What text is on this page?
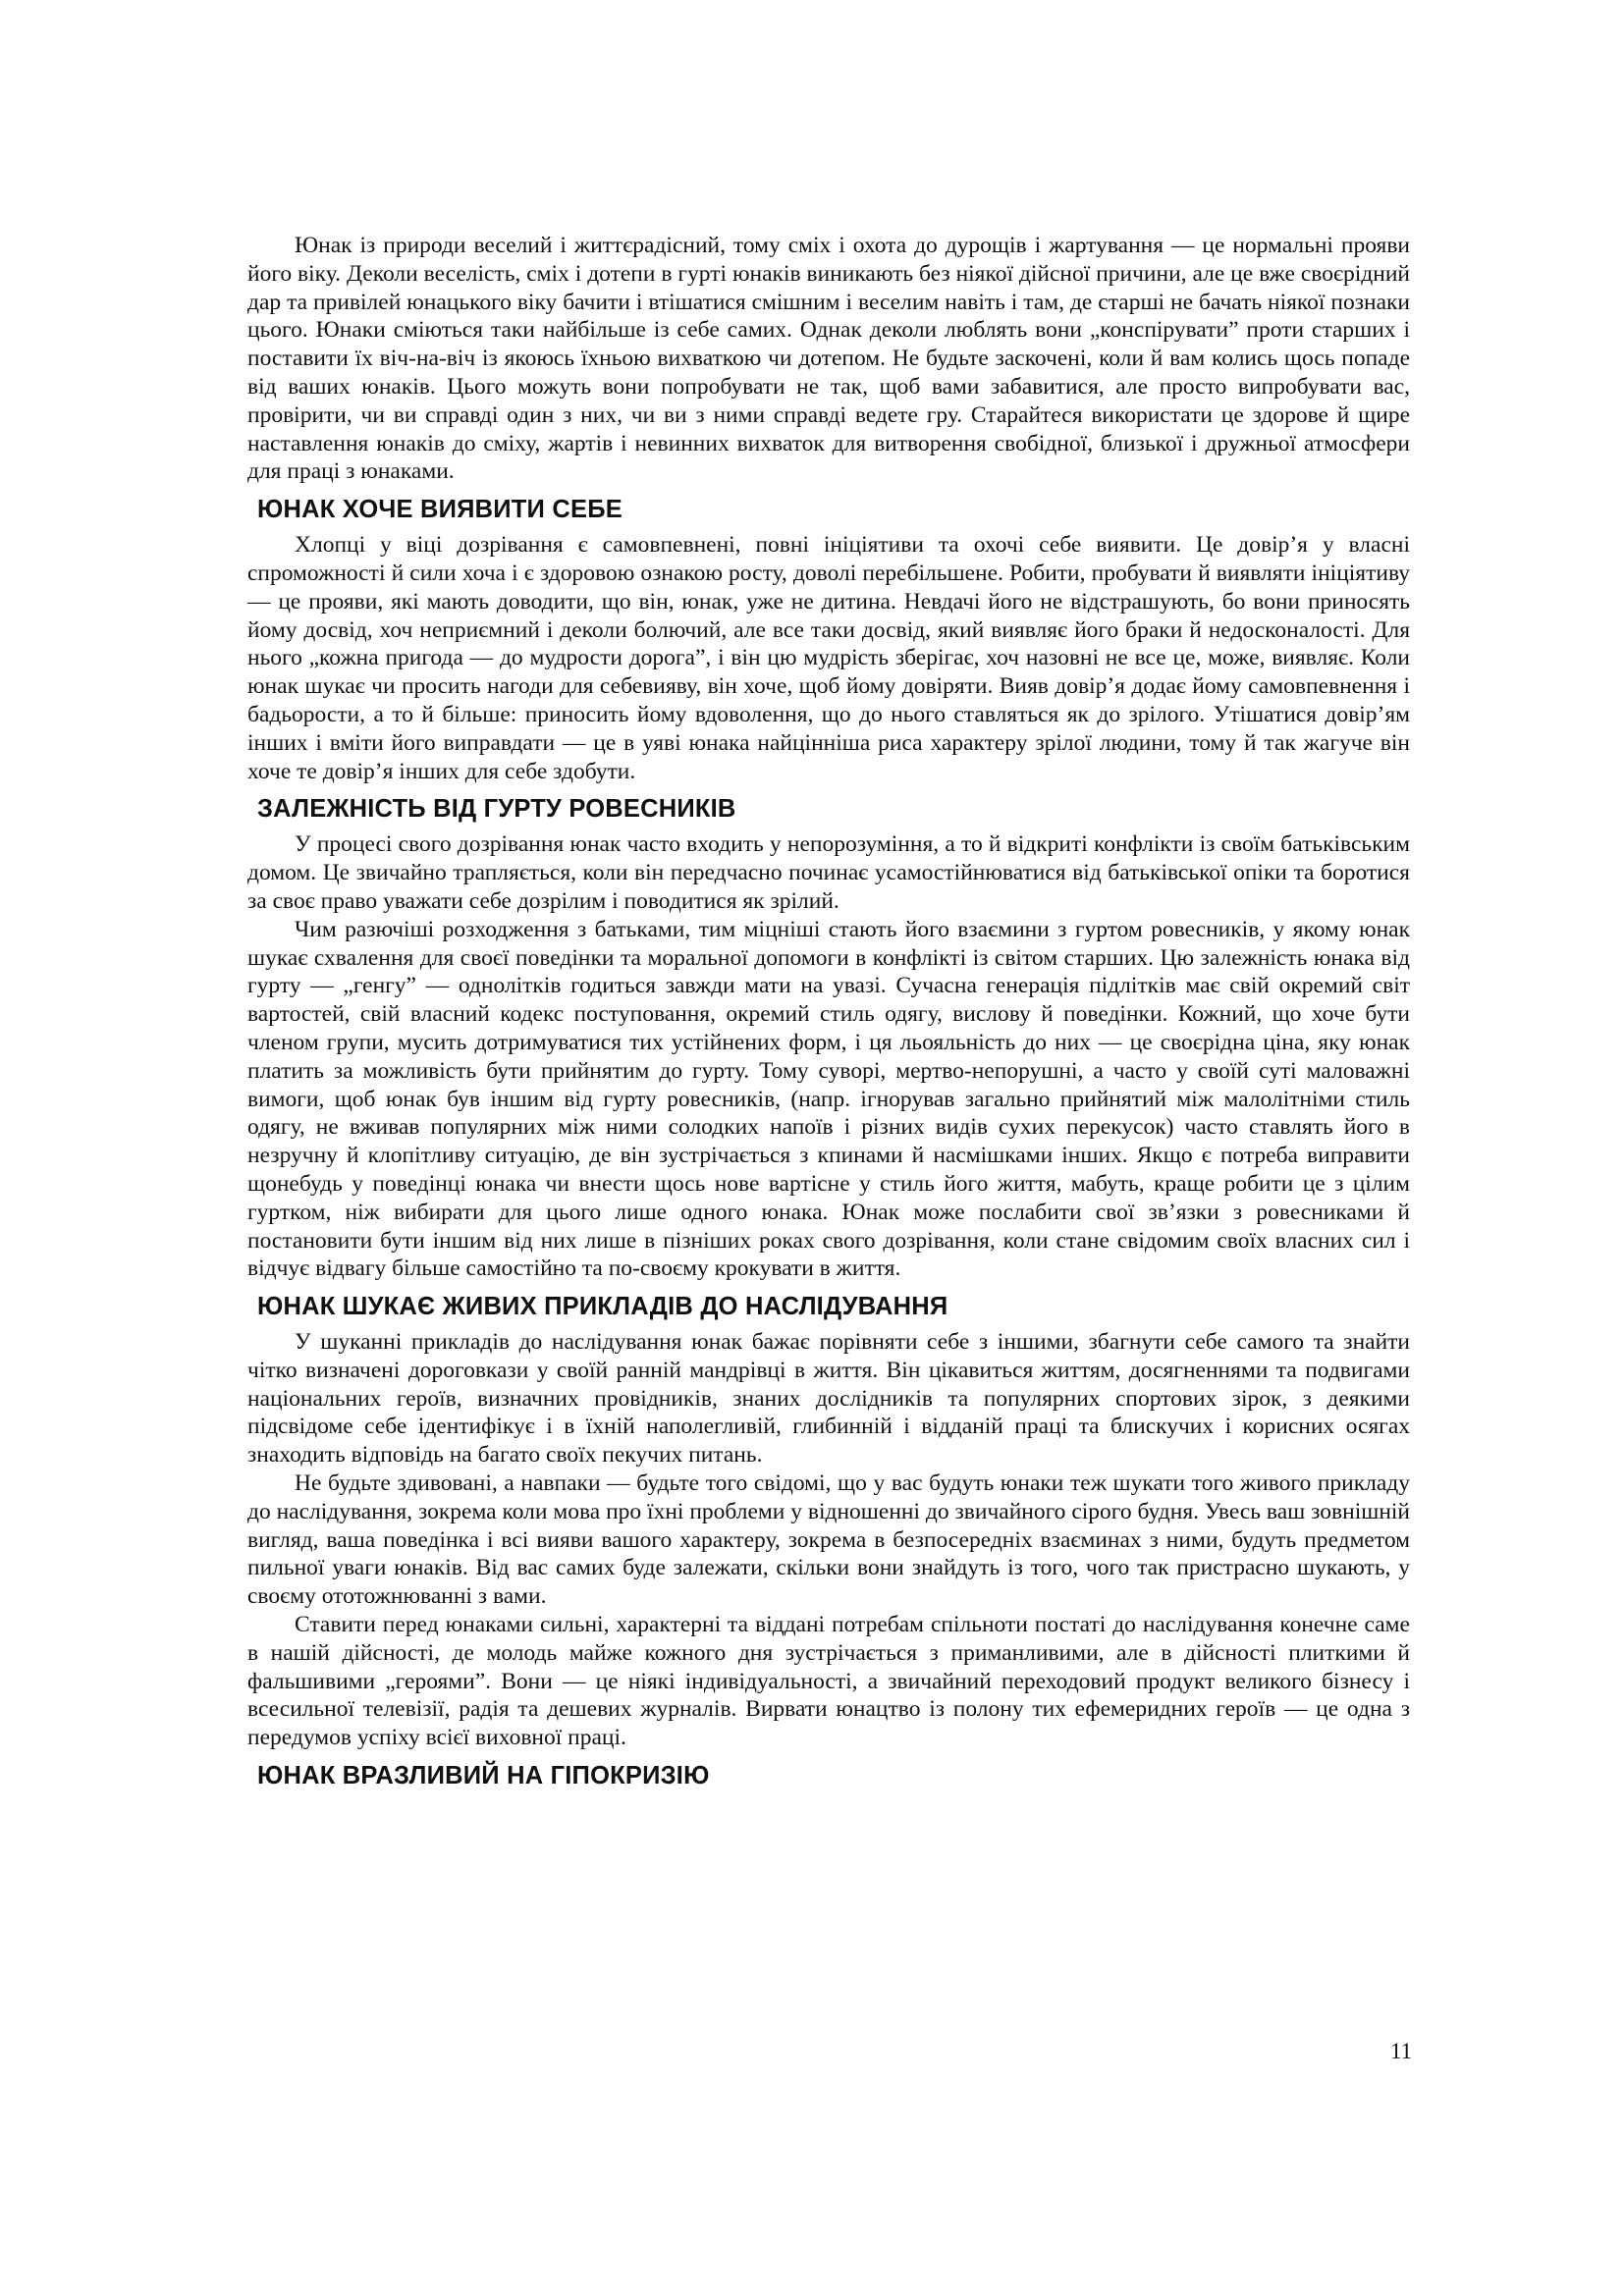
Юнак із природи веселий і життєрадісний, тому сміх і охота до дурощів і жартування — це нормальні прояви його віку. Деколи веселість, сміх і дотепи в гурті юнаків виникають без ніякої дійсної причини, але це вже своєрідний дар та привілей юнацького віку бачити і втішатися смішним і веселим навіть і там, де старші не бачать ніякої познаки цього. Юнаки сміються таки найбільше із себе самих. Однак деколи люблять вони „конспірувати” проти старших і поставити їх віч-на-віч із якоюсь їхньою вихваткою чи дотепом. Не будьте заскочені, коли й вам колись щось попаде від ваших юнаків. Цього можуть вони попробувати не так, щоб вами забавитися, але просто випробувати вас, провірити, чи ви справді один з них, чи ви з ними справді ведете гру. Старайтеся використати це здорове й щире наставлення юнаків до сміху, жартів і невинних вихваток для витворення свобідної, близької і дружньої атмосфери для праці з юнаками.

ЮНАК ХОЧЕ ВИЯВИТИ СЕБЕ

Хлопці у віці дозрівання є самовпевнені, повні ініціятиви та охочі себе виявити. Це довір’я у власні спроможності й сили хоча і є здоровою ознакою росту, доволі перебільшене. Робити, пробувати й виявляти ініціятиву — це прояви, які мають доводити, що він, юнак, уже не дитина. Невдачі його не відстрашують, бо вони приносять йому досвід, хоч неприємний і деколи болючий, але все таки досвід, який виявляє його браки й недосконалості. Для нього „кожна пригода — до мудрости дорога”, і він цю мудрість зберігає, хоч назовні не все це, може, виявляє. Коли юнак шукає чи просить нагоди для себевияву, він хоче, щоб йому довіряти. Вияв довір’я додає йому самовпевнення і бадьорости, а то й більше: приносить йому вдоволення, що до нього ставляться як до зрілого. Утішатися довір’ям інших і вміти його виправдати — це в уяві юнака найцінніша риса характеру зрілої людини, тому й так жагуче він хоче те довір’я інших для себе здобути.

ЗАЛЕЖНІСТЬ ВІД ГУРТУ РОВЕСНИКІВ

У процесі свого дозрівання юнак часто входить у непорозуміння, а то й відкриті конфлікти із своїм батьківським домом. Це звичайно трапляється, коли він передчасно починає усамостійнюватися від батьківської опіки та боротися за своє право уважати себе дозрілим і поводитися як зрілий.

Чим разючіші розходження з батьками, тим міцніші стають його взаємини з гуртом ровесників, у якому юнак шукає схвалення для своєї поведінки та моральної допомоги в конфлікті із світом старших. Цю залежність юнака від гурту — „генгу” — однолітків годиться завжди мати на увазі. Сучасна генерація підлітків має свій окремий світ вартостей, свій власний кодекс поступовання, окремий стиль одягу, вислову й поведінки. Кожний, що хоче бути членом групи, мусить дотримуватися тих устійнених форм, і ця льояльність до них — це своєрідна ціна, яку юнак платить за можливість бути прийнятим до гурту. Тому суворі, мертво-непорушні, а часто у своїй суті маловажні вимоги, щоб юнак був іншим від гурту ровесників, (напр. ігнорував загально прийнятий між малолітніми стиль одягу, не вживав популярних між ними солодких напоїв і різних видів сухих перекусок) часто ставлять його в незручну й клопітливу ситуацію, де він зустрічається з кпинами й насмішками інших. Якщо є потреба виправити щонебудь у поведінці юнака чи внести щось нове вартісне у стиль його життя, мабуть, краще робити це з цілим гуртком, ніж вибирати для цього лише одного юнака. Юнак може послабити свої зв’язки з ровесниками й постановити бути іншим від них лише в пізніших роках свого дозрівання, коли стане свідомим своїх власних сил і відчує відвагу більше самостійно та по-своєму крокувати в життя.

ЮНАК ШУКАЄ ЖИВИХ ПРИКЛАДІВ ДО НАСЛІДУВАННЯ

У шуканні прикладів до наслідування юнак бажає порівняти себе з іншими, збагнути себе самого та знайти чітко визначені дороговкази у своїй ранній мандрівці в життя. Він цікавиться життям, досягненнями та подвигами національних героїв, визначних провідників, знаних дослідників та популярних спортових зірок, з деякими підсвідоме себе ідентифікує і в їхній наполегливій, глибинній і відданій праці та блискучих і корисних осягах знаходить відповідь на багато своїх пекучих питань.

Не будьте здивовані, а навпаки — будьте того свідомі, що у вас будуть юнаки теж шукати того живого прикладу до наслідування, зокрема коли мова про їхні проблеми у відношенні до звичайного сірого будня. Увесь ваш зовнішній вигляд, ваша поведінка і всі вияви вашого характеру, зокрема в безпосередніх взаєминах з ними, будуть предметом пильної уваги юнаків. Від вас самих буде залежати, скільки вони знайдуть із того, чого так пристрасно шукають, у своєму ототожнюванні з вами.

Ставити перед юнаками сильні, характерні та віддані потребам спільноти постаті до наслідування конечне саме в нашій дійсності, де молодь майже кожного дня зустрічається з приманливими, але в дійсності плиткими й фальшивими „героями”. Вони — це ніякі індивідуальності, а звичайний переходовий продукт великого бізнесу і всесильної телевізії, радія та дешевих журналів. Вирвати юнацтво із полону тих ефемеридних героїв — це одна з передумов успіху всієї виховної праці.

ЮНАК ВРАЗЛИВИЙ НА ГІПОКРИЗІЮ
11
